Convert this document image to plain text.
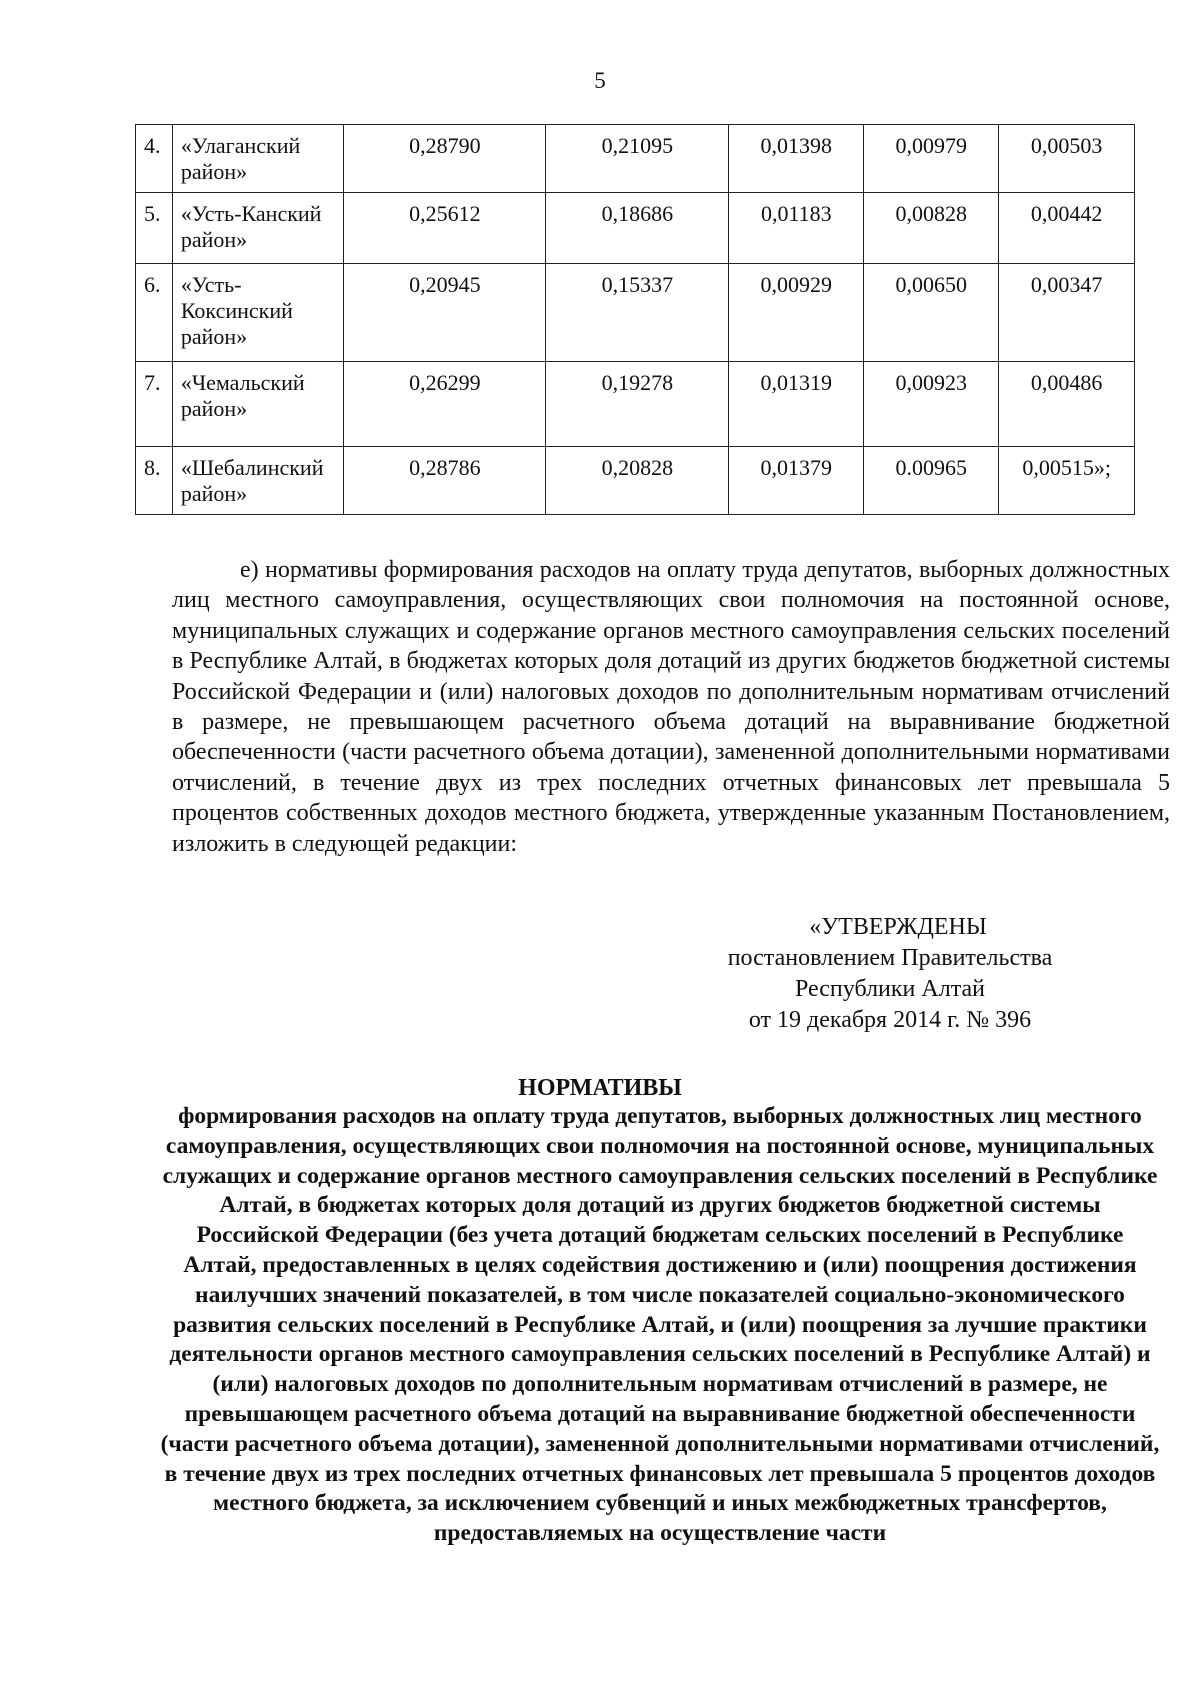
5
4.	«Улаганский район»	0,28790	0,21095	0,01398	0,00979	0,00503
5.	«Усть-Канский район»	0,25612	0,18686	0,01183	0,00828	0,00442
6.	«Усть-Коксинский район»	0,20945	0,15337	0,00929	0,00650	0,00347
7.	«Чемальский район»	0,26299	0,19278	0,01319	0,00923	0,00486
8.	«Шебалинский район»	0,28786	0,20828	0,01379	0.00965	0,00515»;

е) нормативы формирования расходов на оплату труда депутатов, выборных должностных лиц местного самоуправления, осуществляющих свои полномочия на постоянной основе, муниципальных служащих и содержание органов местного самоуправления сельских поселений в Республике Алтай, в бюджетах которых доля дотаций из других бюджетов бюджетной системы Российской Федерации и (или) налоговых доходов по дополнительным нормативам отчислений в размере, не превышающем расчетного объема дотаций на выравнивание бюджетной обеспеченности (части расчетного объема дотации), замененной дополнительными нормативами отчислений, в течение двух из трех последних отчетных финансовых лет превышала 5 процентов собственных доходов местного бюджета, утвержденные указанным Постановлением, изложить в следующей редакции:

«УТВЕРЖДЕНЫ
постановлением Правительства
Республики Алтай
от 19 декабря 2014 г. № 396
НОРМАТИВЫ

формирования расходов на оплату труда депутатов, выборных должностных лиц местного самоуправления, осуществляющих свои полномочия на постоянной основе, муниципальных служащих и содержание органов местного самоуправления сельских поселений в Республике Алтай, в бюджетах которых доля дотаций из других бюджетов бюджетной системы Российской Федерации (без учета дотаций бюджетам сельских поселений в Республике Алтай, предоставленных в целях содействия достижению и (или) поощрения достижения наилучших значений показателей, в том числе показателей социально-экономического развития сельских поселений в Республике Алтай, и (или) поощрения за лучшие практики деятельности органов местного самоуправления сельских поселений в Республике Алтай) и (или) налоговых доходов по дополнительным нормативам отчислений в размере, не превышающем расчетного объема дотаций на выравнивание бюджетной обеспеченности (части расчетного объема дотации), замененной дополнительными нормативами отчислений, в течение двух из трех последних отчетных финансовых лет превышала 5 процентов доходов местного бюджета, за исключением субвенций и иных межбюджетных трансфертов, предоставляемых на осуществление части
